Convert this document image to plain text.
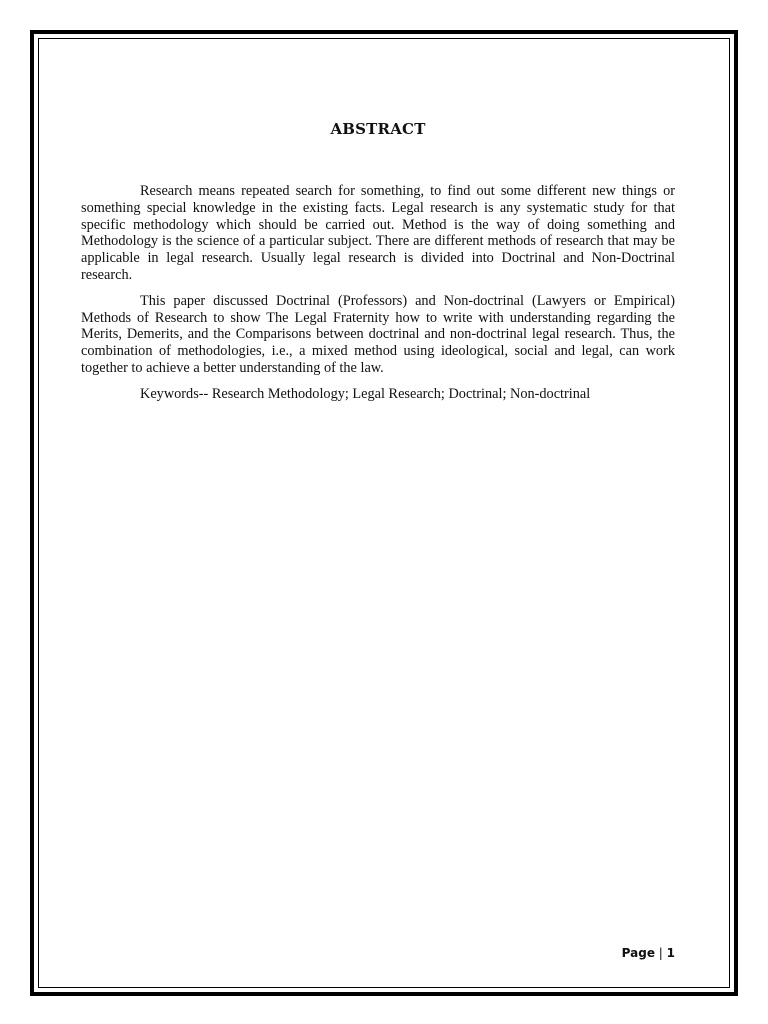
ABSTRACT

Research means repeated search for something, to find out some different new things or something special knowledge in the existing facts. Legal research is any systematic study for that specific methodology which should be carried out. Method is the way of doing something and Methodology is the science of a particular subject. There are different methods of research that may be applicable in legal research. Usually legal research is divided into Doctrinal and Non-Doctrinal research.

This paper discussed Doctrinal (Professors) and Non-doctrinal (Lawyers or Empirical) Methods of Research to show The Legal Fraternity how to write with understanding regarding the Merits, Demerits, and the Comparisons between doctrinal and non-doctrinal legal research. Thus, the combination of methodologies, i.e., a mixed method using ideological, social and legal, can work together to achieve a better understanding of the law.

Keywords-- Research Methodology; Legal Research; Doctrinal; Non-doctrinal

Page | 1
